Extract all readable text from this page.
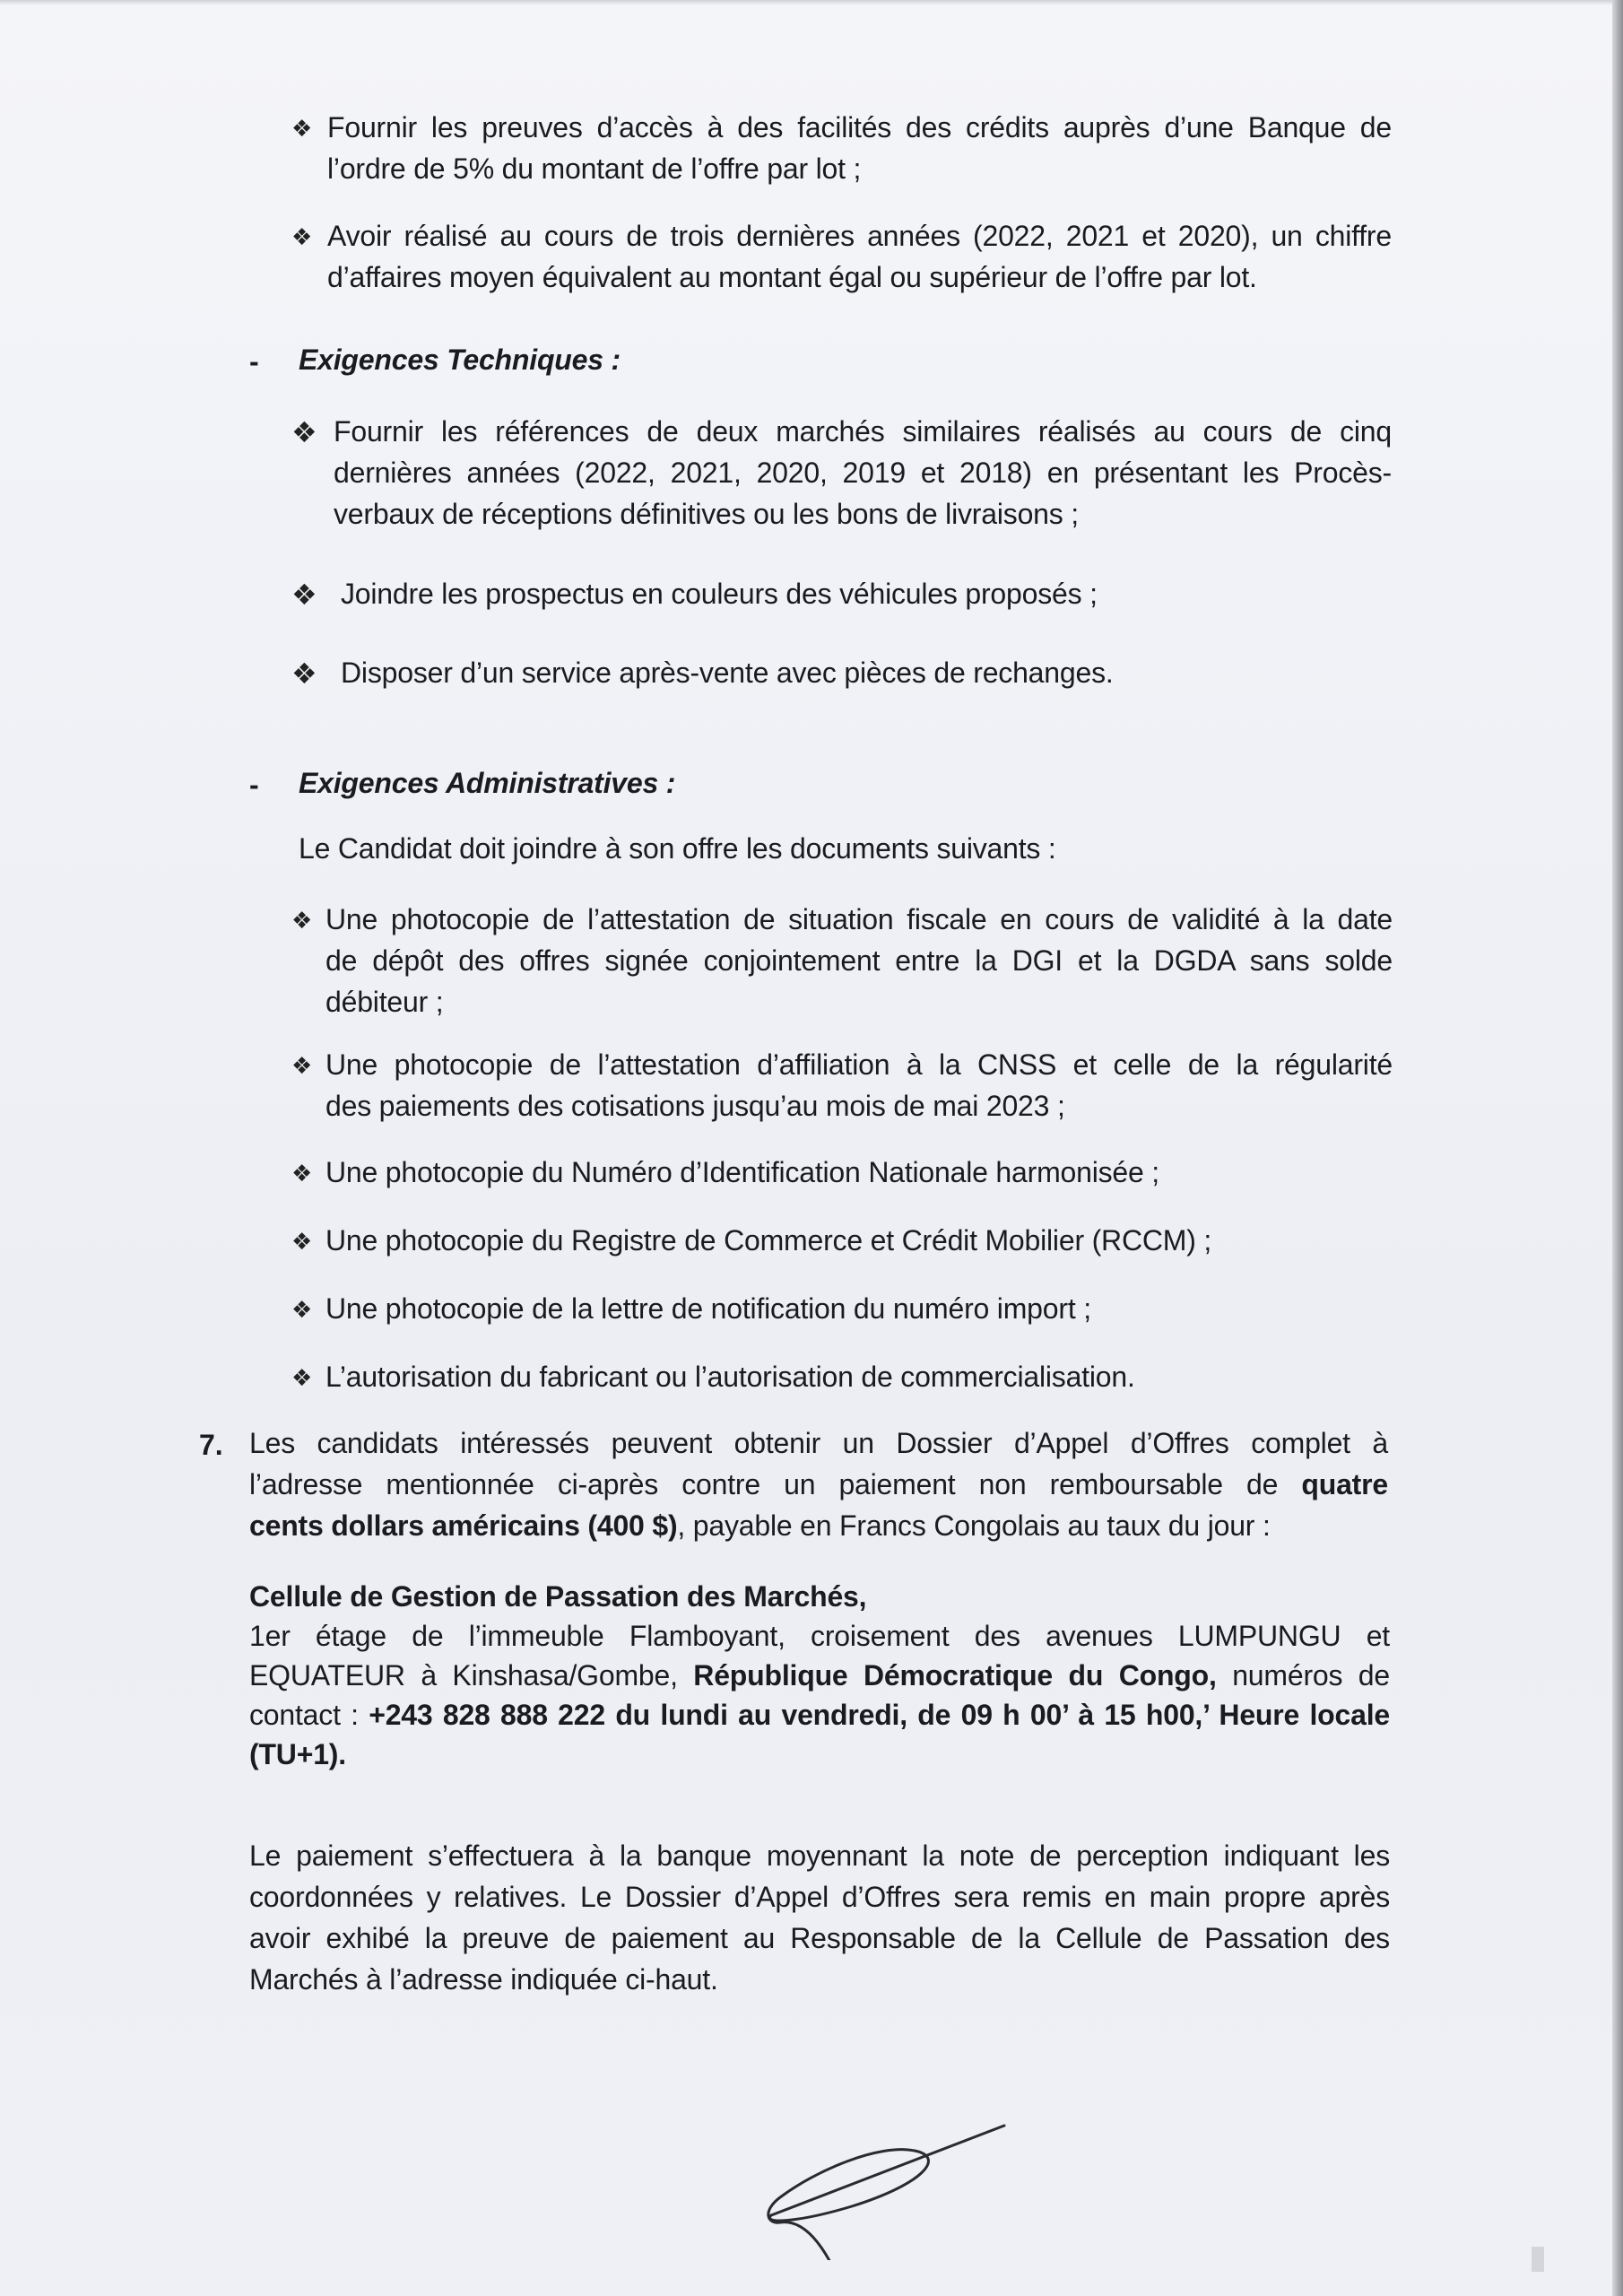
❖ Fournir les preuves d’accès à des facilités des crédits auprès d’une Banque de
l’ordre de 5% du montant de l’offre par lot ;
❖ Avoir réalisé au cours de trois dernières années (2022, 2021 et 2020), un chiffre
d’affaires moyen équivalent au montant égal ou supérieur de l’offre par lot.
- Exigences Techniques :
❖ Fournir les références de deux marchés similaires réalisés au cours de cinq
dernières années (2022, 2021, 2020, 2019 et 2018) en présentant les Procès-
verbaux de réceptions définitives ou les bons de livraisons ;
❖ Joindre les prospectus en couleurs des véhicules proposés ;
❖ Disposer d’un service après-vente avec pièces de rechanges.
- Exigences Administratives :
Le Candidat doit joindre à son offre les documents suivants :
❖ Une photocopie de l’attestation de situation fiscale en cours de validité à la date
de dépôt des offres signée conjointement entre la DGI et la DGDA sans solde
débiteur ;
❖ Une photocopie de l’attestation d’affiliation à la CNSS et celle de la régularité
des paiements des cotisations jusqu’au mois de mai 2023 ;
❖ Une photocopie du Numéro d’Identification Nationale harmonisée ;
❖ Une photocopie du Registre de Commerce et Crédit Mobilier (RCCM) ;
❖ Une photocopie de la lettre de notification du numéro import ;
❖ L’autorisation du fabricant ou l’autorisation de commercialisation.
7. Les candidats intéressés peuvent obtenir un Dossier d’Appel d’Offres complet à
l’adresse mentionnée ci-après contre un paiement non remboursable de quatre
cents dollars américains (400 $), payable en Francs Congolais au taux du jour :
Cellule de Gestion de Passation des Marchés,
1er étage de l’immeuble Flamboyant, croisement des avenues LUMPUNGU et
EQUATEUR à Kinshasa/Gombe, République Démocratique du Congo, numéros de
contact : +243 828 888 222 du lundi au vendredi, de 09 h 00’ à 15 h00,’ Heure locale
(TU+1).
Le paiement s’effectuera à la banque moyennant la note de perception indiquant les
coordonnées y relatives. Le Dossier d’Appel d’Offres sera remis en main propre après
avoir exhibé la preuve de paiement au Responsable de la Cellule de Passation des
Marchés à l’adresse indiquée ci-haut.
